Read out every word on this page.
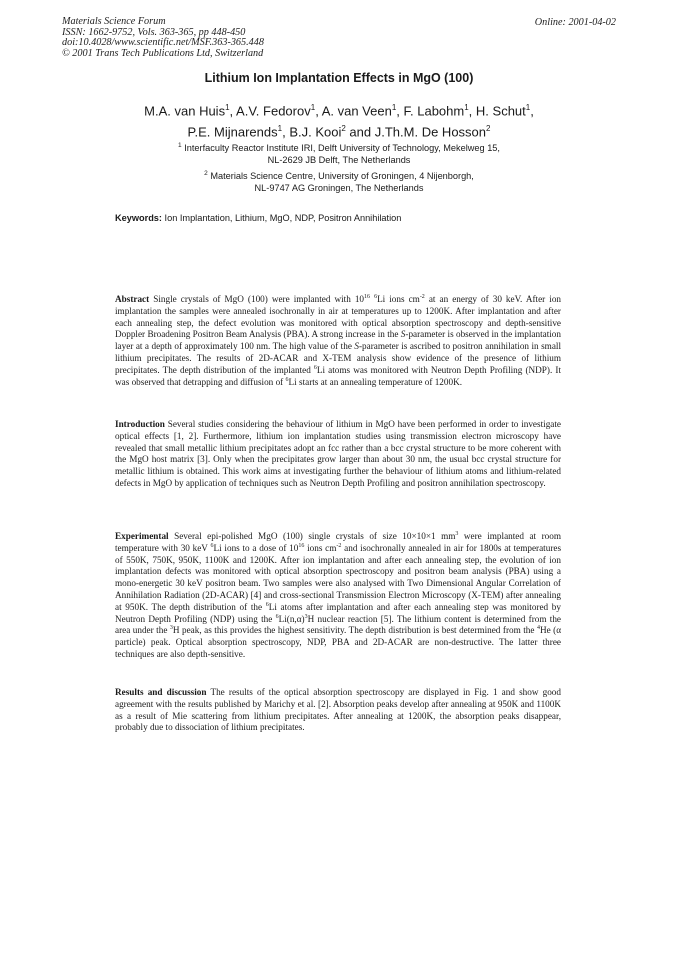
Materials Science Forum
ISSN: 1662-9752, Vols. 363-365, pp 448-450
doi:10.4028/www.scientific.net/MSF.363-365.448
© 2001 Trans Tech Publications Ltd, Switzerland
Online: 2001-04-02
Lithium Ion Implantation Effects in MgO (100)
M.A. van Huis$^1$, A.V. Fedorov$^1$, A. van Veen$^1$, F. Labohm$^1$, H. Schut$^1$,
P.E. Mijnarends$^1$, B.J. Kooi$^2$ and J.Th.M. De Hosson$^2$
$^1$ Interfaculty Reactor Institute IRI, Delft University of Technology, Mekelweg 15,
NL-2629 JB Delft, The Netherlands
$^2$ Materials Science Centre, University of Groningen, 4 Nijenborgh,
NL-9747 AG Groningen, The Netherlands
Keywords: Ion Implantation, Lithium, MgO, NDP, Positron Annihilation
Abstract Single crystals of MgO (100) were implanted with $10^{16}$ $^6$Li ions $cm^{-2}$ at an energy of 30 keV. After ion implantation the samples were annealed isochronally in air at temperatures up to 1200K. After implantation and after each annealing step, the defect evolution was monitored with optical absorption spectroscopy and depth-sensitive Doppler Broadening Positron Beam Analysis (PBA). A strong increase in the S-parameter is observed in the implantation layer at a depth of approximately 100 nm. The high value of the S-parameter is ascribed to positron annihilation in small lithium precipitates. The results of 2D-ACAR and X-TEM analysis show evidence of the presence of lithium precipitates. The depth distribution of the implanted $^6$Li atoms was monitored with Neutron Depth Profiling (NDP). It was observed that detrapping and diffusion of $^6$Li starts at an annealing temperature of 1200K.
Introduction Several studies considering the behaviour of lithium in MgO have been performed in order to investigate optical effects [1, 2]. Furthermore, lithium ion implantation studies using transmission electron microscopy have revealed that small metallic lithium precipitates adopt an fcc rather than a bcc crystal structure to be more coherent with the MgO host matrix [3]. Only when the precipitates grow larger than about 30 nm, the usual bcc crystal structure for metallic lithium is obtained. This work aims at investigating further the behaviour of lithium atoms and lithium-related defects in MgO by application of techniques such as Neutron Depth Profiling and positron annihilation spectroscopy.
Experimental Several epi-polished MgO (100) single crystals of size 10×10×1 $mm^3$ were implanted at room temperature with 30 keV $^6$Li ions to a dose of $10^{16}$ ions $cm^{-2}$ and isochronally annealed in air for 1800s at temperatures of 550K, 750K, 950K, 1100K and 1200K. After ion implantation and after each annealing step, the evolution of ion implantation defects was monitored with optical absorption spectroscopy and positron beam analysis (PBA) using a mono-energetic 30 keV positron beam. Two samples were also analysed with Two Dimensional Angular Correlation of Annihilation Radiation (2D-ACAR) [4] and cross-sectional Transmission Electron Microscopy (X-TEM) after annealing at 950K. The depth distribution of the $^6$Li atoms after implantation and after each annealing step was monitored by Neutron Depth Profiling (NDP) using the $^6Li(n,\alpha)^3H$ nuclear reaction [5]. The lithium content is determined from the area under the $^3$H peak, as this provides the highest sensitivity. The depth distribution is best determined from the $^4$He (α particle) peak. Optical absorption spectroscopy, NDP, PBA and 2D-ACAR are non-destructive. The latter three techniques are also depth-sensitive.
Results and discussion The results of the optical absorption spectroscopy are displayed in Fig. 1 and show good agreement with the results published by Marichy et al. [2]. Absorption peaks develop after annealing at 950K and 1100K as a result of Mie scattering from lithium precipitates. After annealing at 1200K, the absorption peaks disappear, probably due to dissociation of lithium precipitates.
